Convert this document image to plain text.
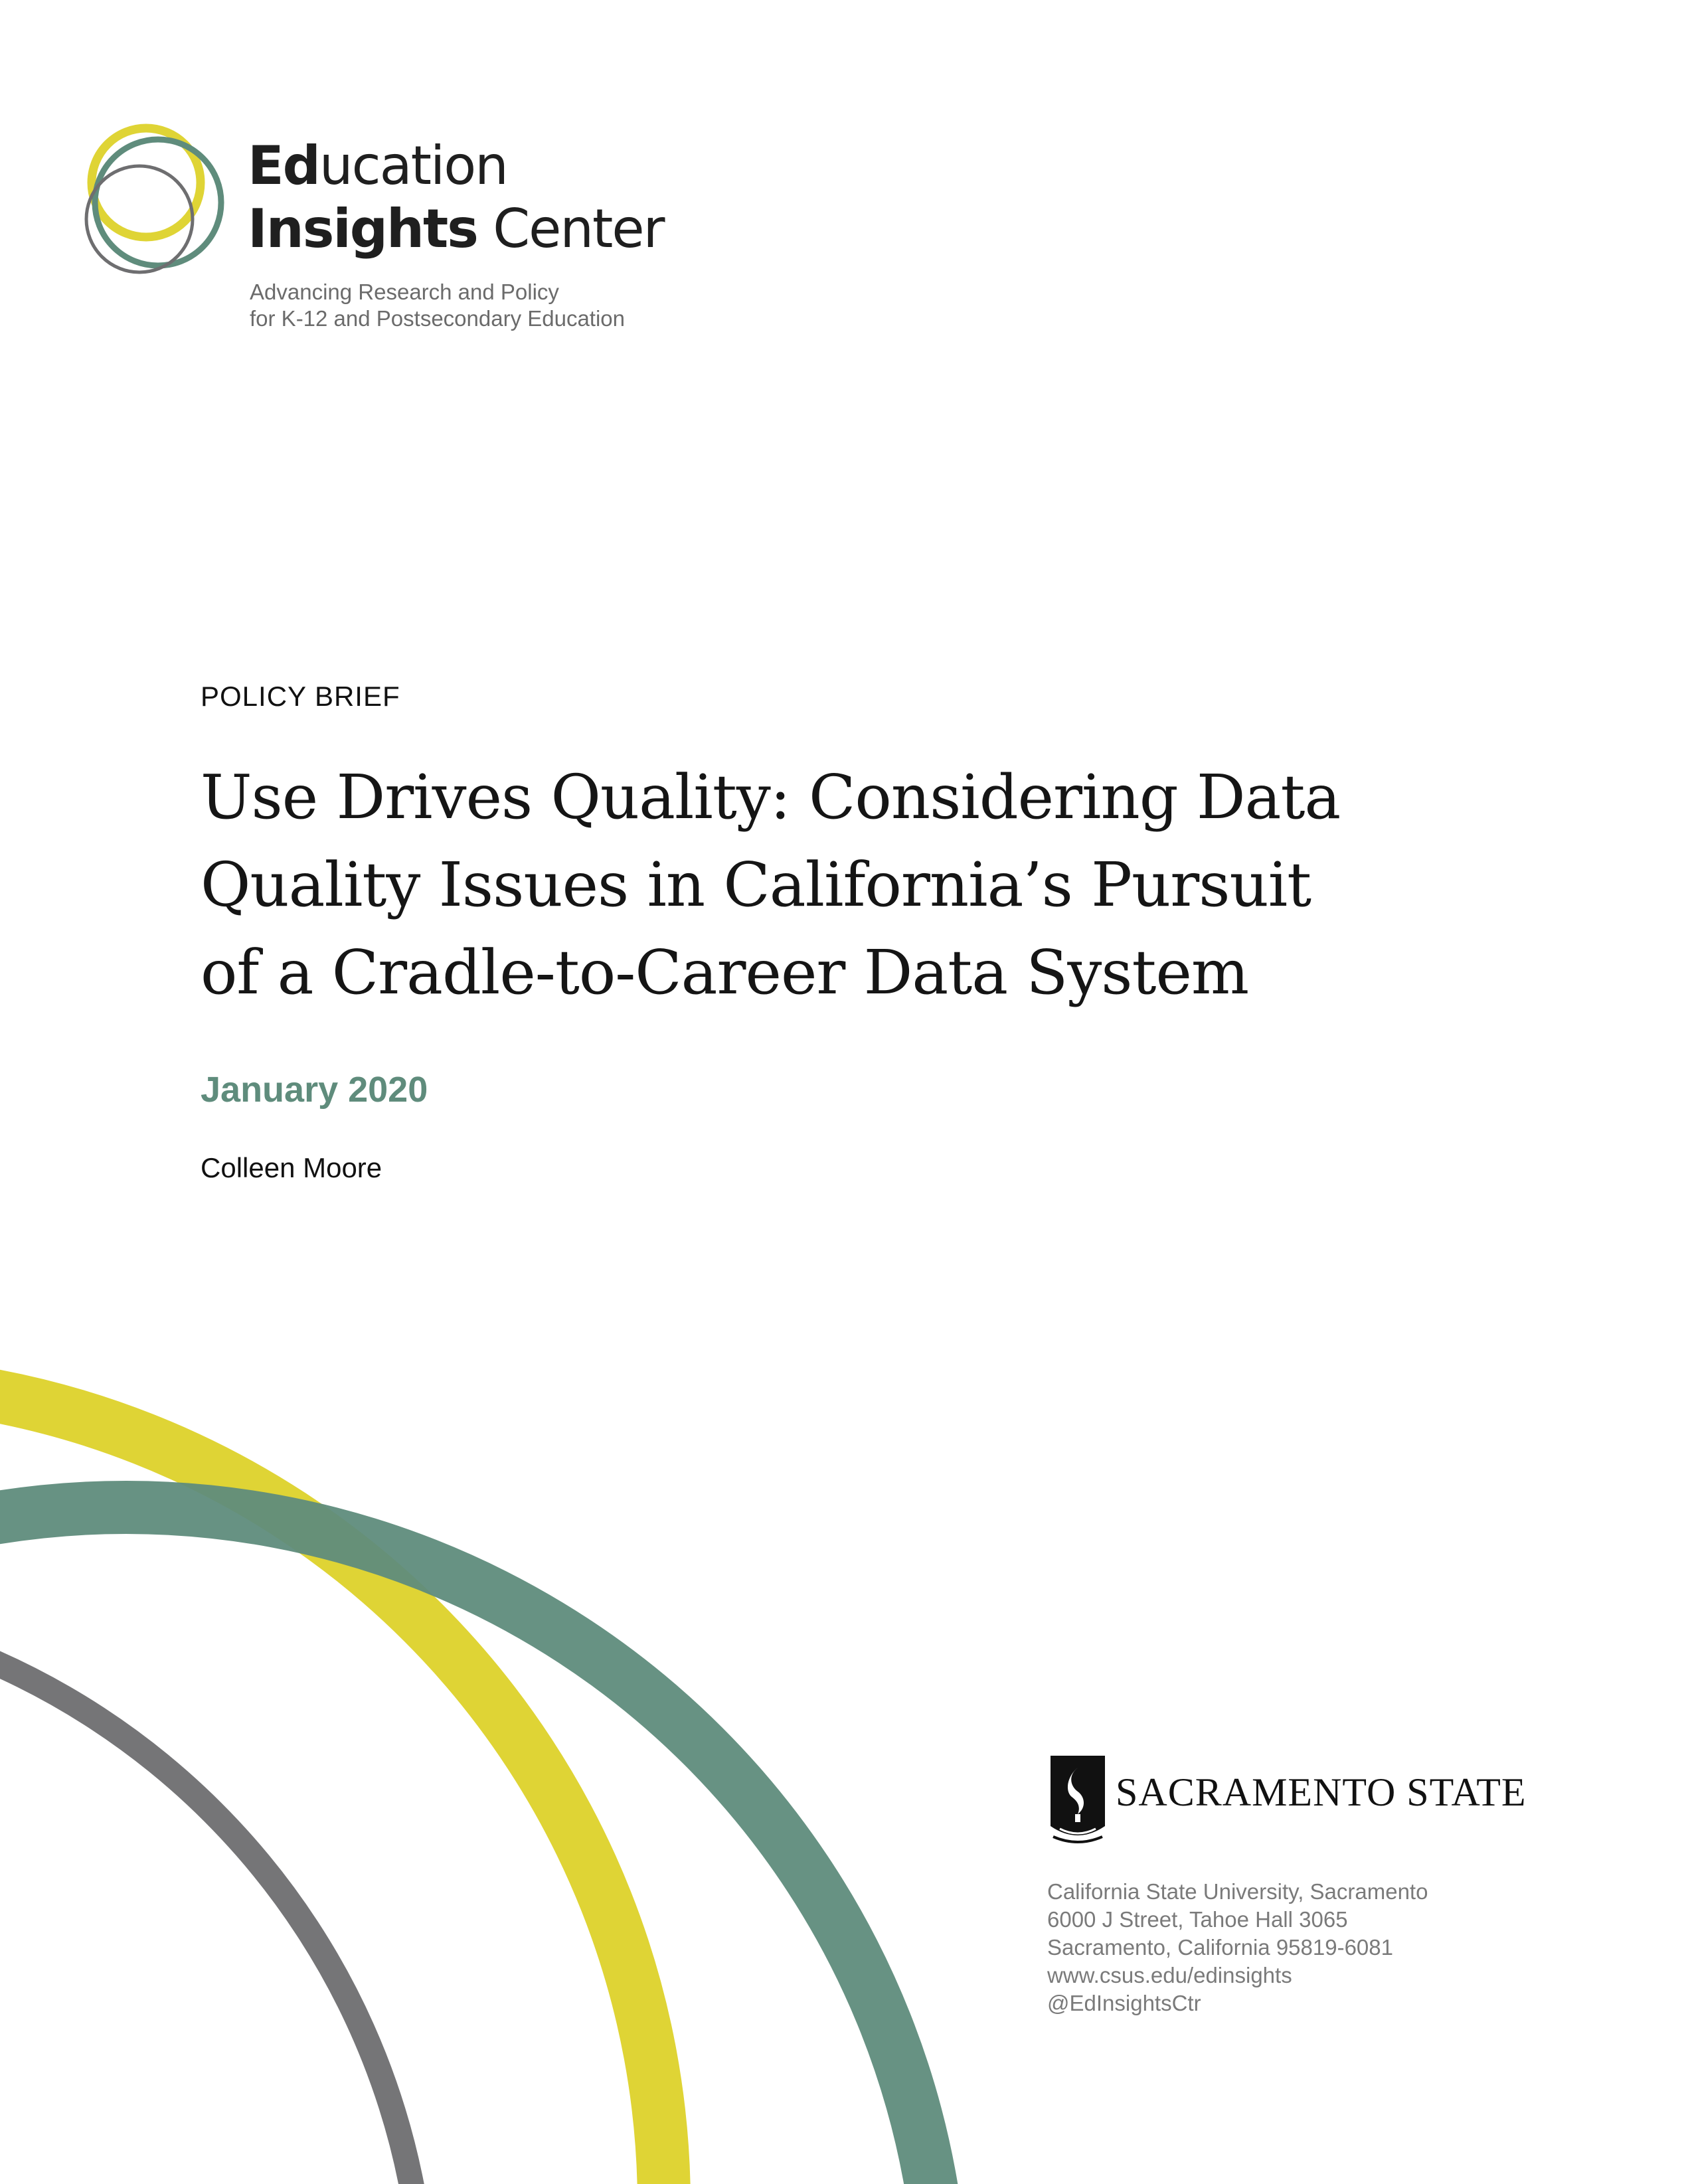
Education
Insights Center
Advancing Research and Policy
for K-12 and Postsecondary Education
POLICY BRIEF
Use Drives Quality: Considering Data
Quality Issues in California’s Pursuit
of a Cradle-to-Career Data System
January 2020
Colleen Moore
SACRAMENTO STATE
California State University, Sacramento
6000 J Street, Tahoe Hall 3065
Sacramento, California 95819-6081
www.csus.edu/edinsights
@EdInsightsCtr
